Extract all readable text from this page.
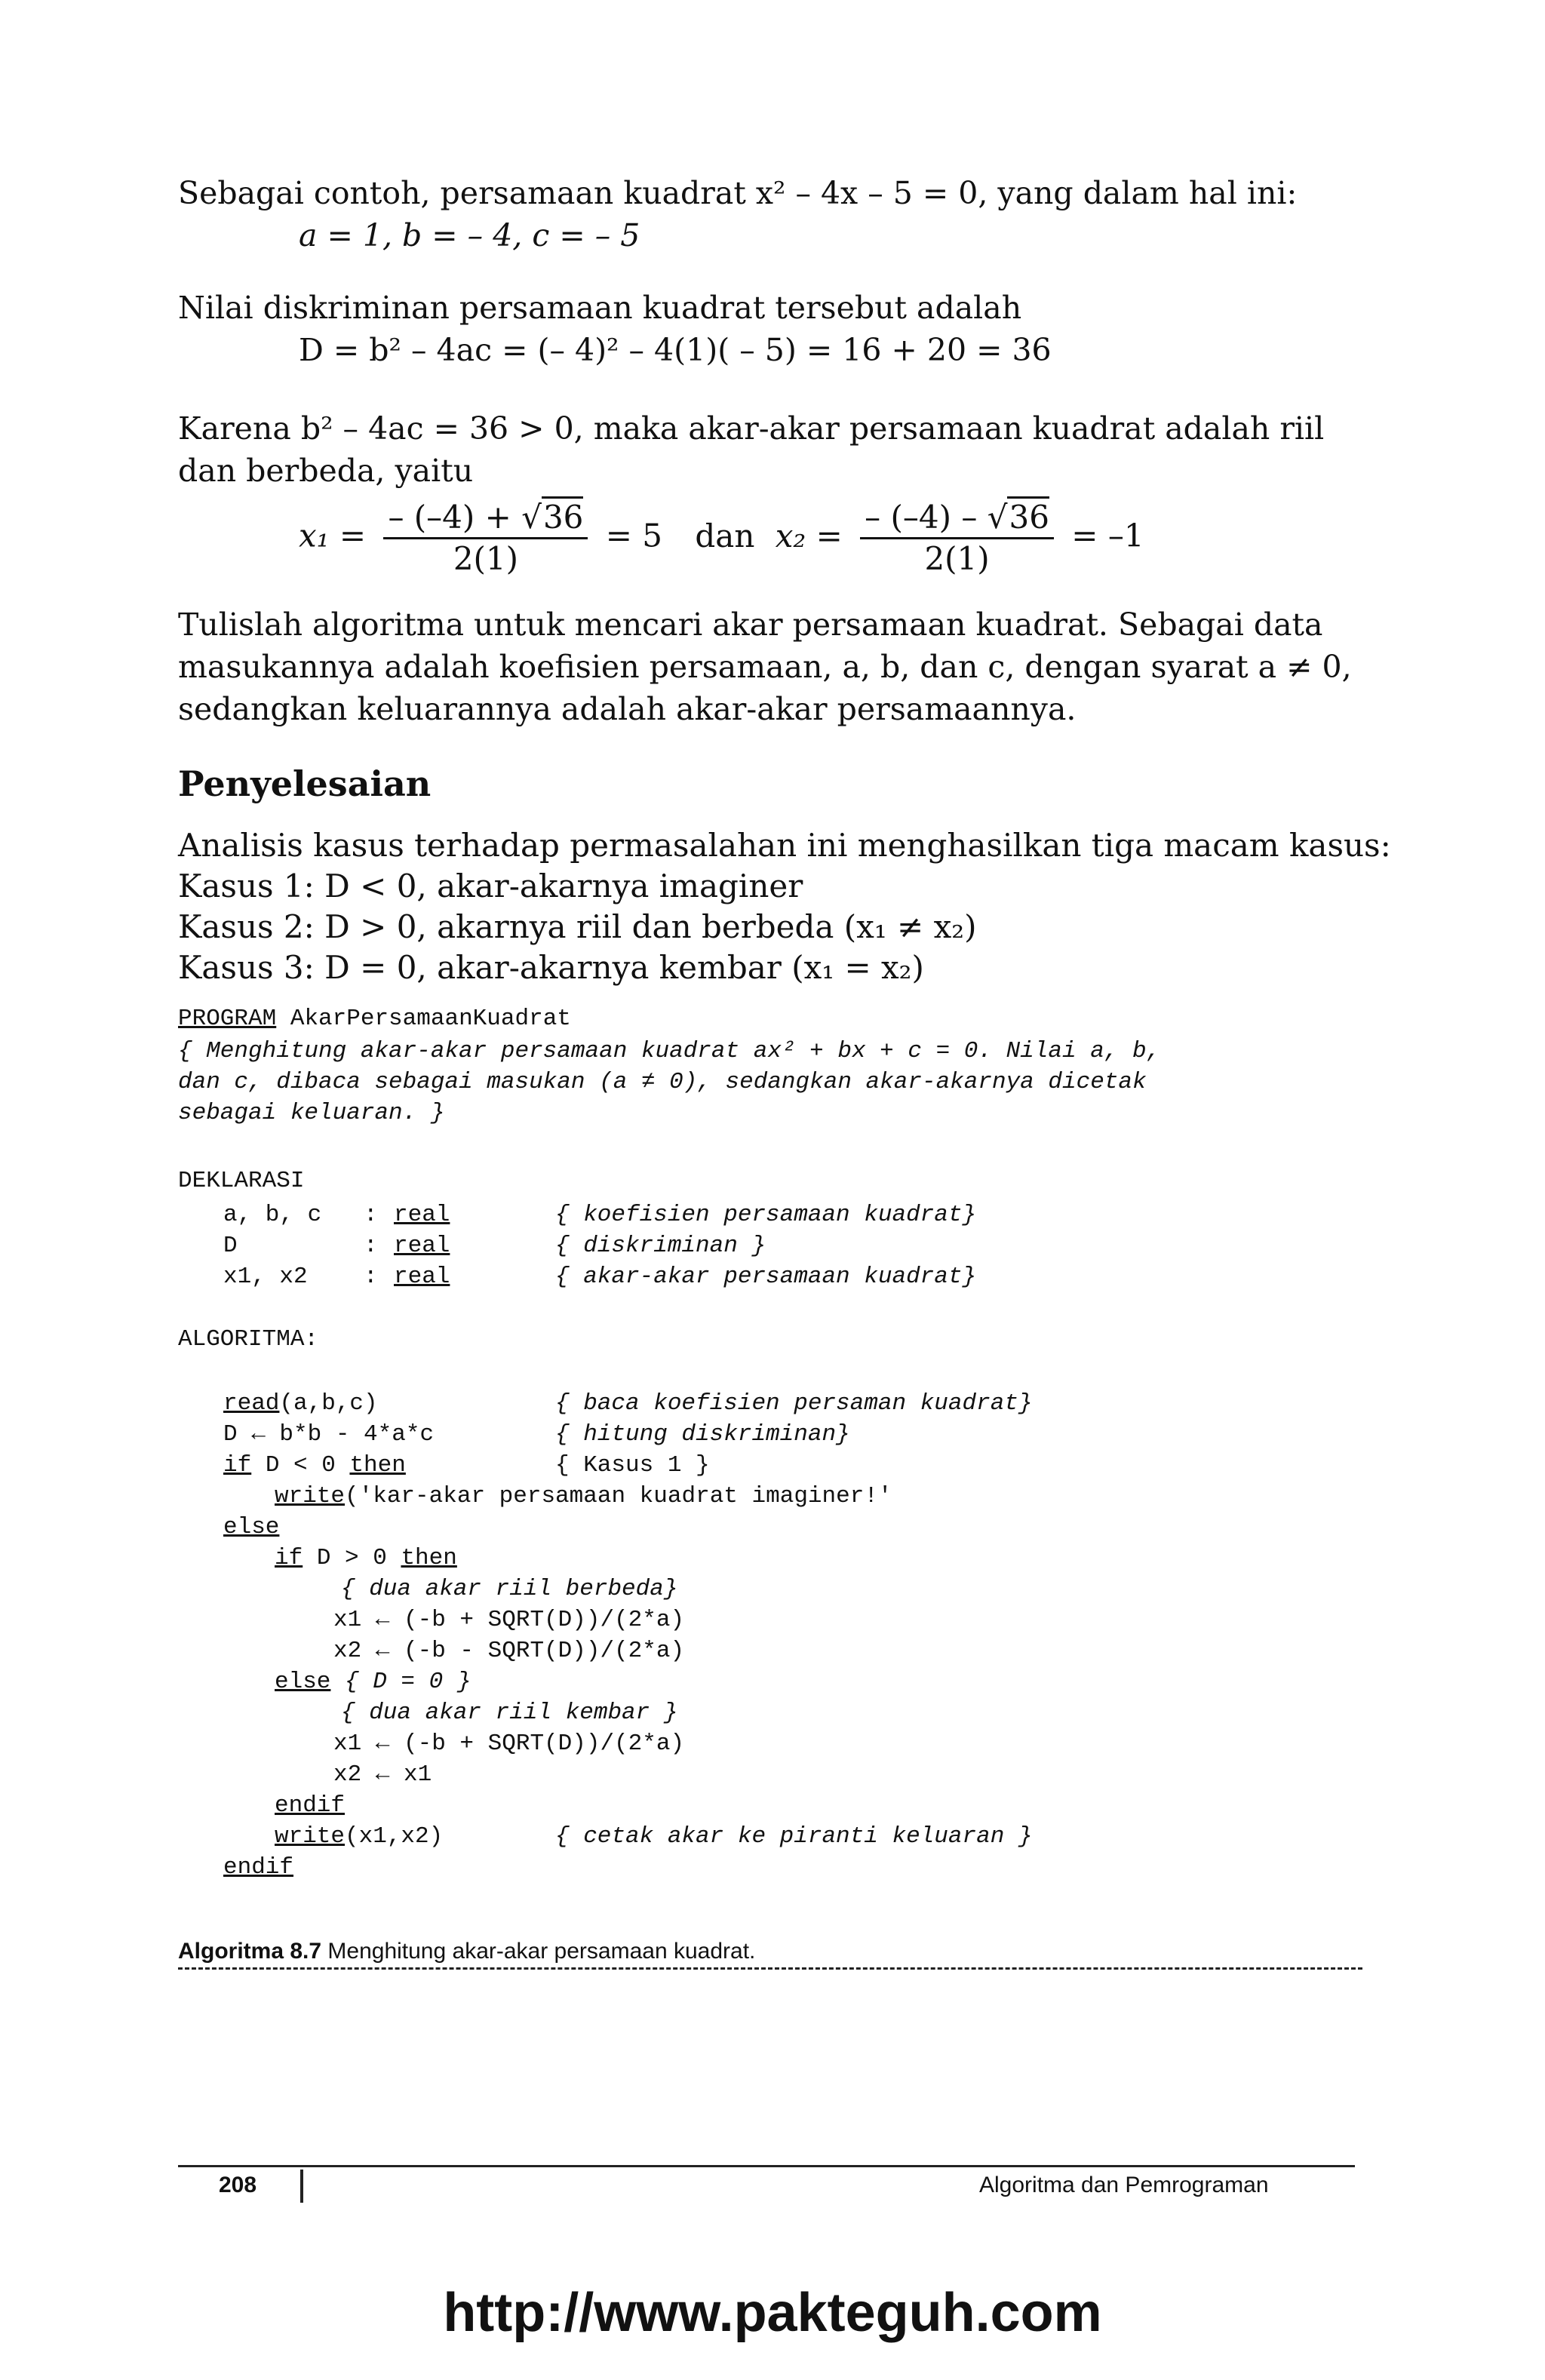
Sebagai contoh, persamaan kuadrat x² – 4x – 5 = 0, yang dalam hal ini:
a = 1, b = – 4, c = – 5
Nilai diskriminan persamaan kuadrat tersebut adalah
D = b² – 4ac = (– 4)² – 4(1)( – 5) = 16 + 20 = 36
Karena b² – 4ac = 36 > 0, maka akar-akar persamaan kuadrat adalah riil
dan berbeda, yaitu
$x_1 = \frac{- (-4) + √36}{2(1)} = 5$ dan $x_2 = \frac{- (-4) - √36}{2(1)} = -1$
Tulislah algoritma untuk mencari akar persamaan kuadrat. Sebagai data
masukannya adalah koefisien persamaan, a, b, dan c, dengan syarat a ≠ 0,
sedangkan keluarannya adalah akar-akar persamaannya.
Penyelesaian
Analisis kasus terhadap permasalahan ini menghasilkan tiga macam kasus:
Kasus 1: D < 0, akar-akarnya imaginer
Kasus 2: D > 0, akarnya riil dan berbeda (x₁ ≠ x₂)
Kasus 3: D = 0, akar-akarnya kembar (x₁ = x₂)
PROGRAM AkarPersamaanKuadrat
{ Menghitung akar-akar persamaan kuadrat ax² + bx + c = 0. Nilai a, b,
dan c, dibaca sebagai masukan (a ≠ 0), sedangkan akar-akarnya dicetak
sebagai keluaran. }
DEKLARASI
a, b, c : real	{ koefisien persamaan kuadrat}
D	: real	{ diskriminan }
x1, x2 : real	{ akar-akar persamaan kuadrat}
ALGORITMA:
read(a,b,c)	{ baca koefisien persaman kuadrat}
D ← b*b - 4*a*c	{ hitung diskriminan}
if D < 0 then	{ Kasus 1 }
write('kar-akar persamaan kuadrat imaginer!'
else
if D > 0 then
{ dua akar riil berbeda}
x1 ← (-b + SQRT(D))/(2*a)
x2 ← (-b - SQRT(D))/(2*a)
else { D = 0 }
{ dua akar riil kembar }
x1 ← (-b + SQRT(D))/(2*a)
x2 ← x1
endif
write(x1,x2)	{ cetak akar ke piranti keluaran }
endif
Algoritma 8.7 Menghitung akar-akar persamaan kuadrat.
208	Algoritma dan Pemrograman
http://www.pakteguh.com
